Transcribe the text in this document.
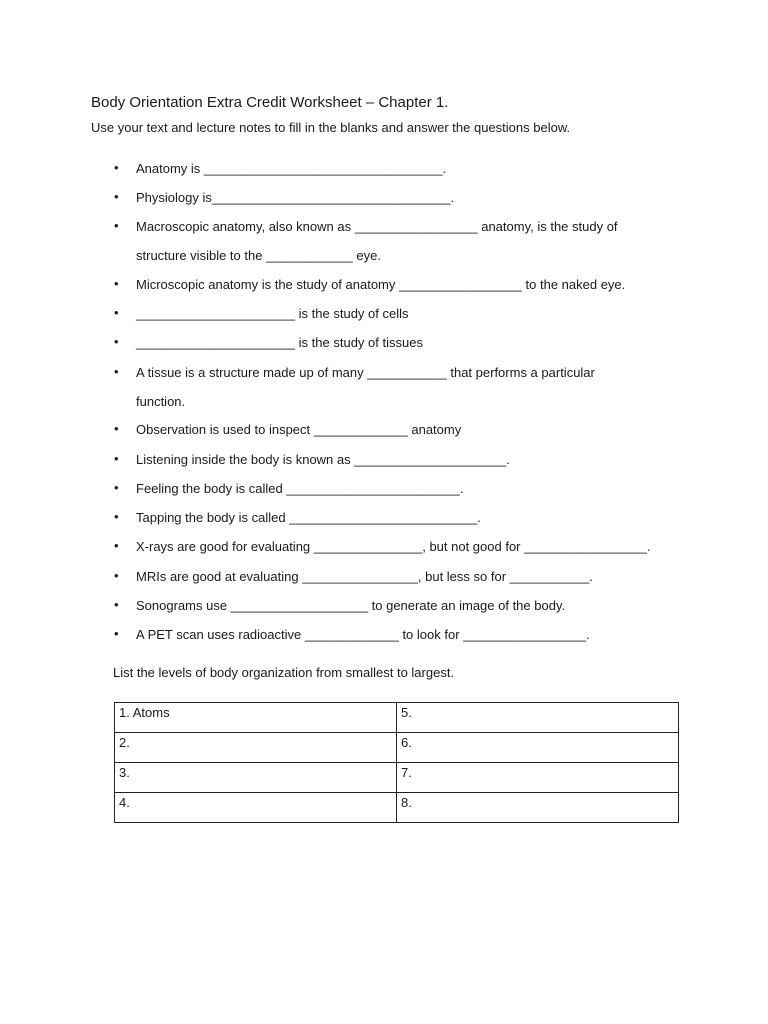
Body Orientation Extra Credit Worksheet – Chapter 1.
Use your text and lecture notes to fill in the blanks and answer the questions below.
• Anatomy is _________________________________.
• Physiology is_________________________________.
• Macroscopic anatomy, also known as _________________ anatomy, is the study of
structure visible to the ____________ eye.
• Microscopic anatomy is the study of anatomy _________________ to the naked eye.
• ______________________ is the study of cells
• ______________________ is the study of tissues
• A tissue is a structure made up of many ___________ that performs a particular
function.
• Observation is used to inspect _____________ anatomy
• Listening inside the body is known as _____________________.
• Feeling the body is called ________________________.
• Tapping the body is called __________________________.
• X-rays are good for evaluating _______________, but not good for _________________.
• MRIs are good at evaluating ________________, but less so for ___________.
• Sonograms use ___________________ to generate an image of the body.
• A PET scan uses radioactive _____________ to look for _________________.
List the levels of body organization from smallest to largest.
1. Atoms	5.
2.	6.
3.	7.
4.	8.
